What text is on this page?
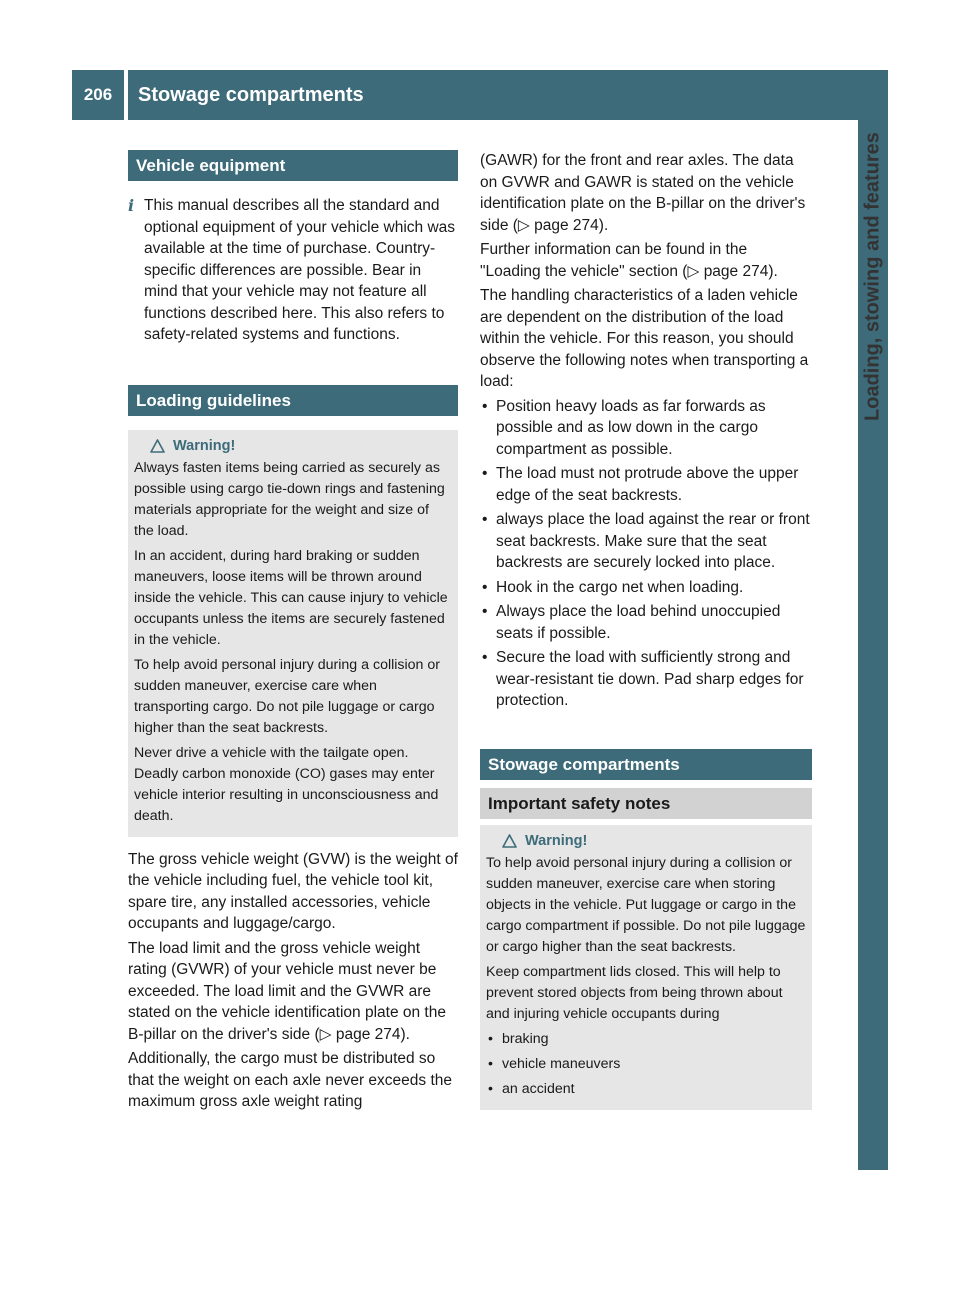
206	Stowage compartments
Loading, stowing and features
Vehicle equipment
i This manual describes all the standard and optional equipment of your vehicle which was available at the time of purchase. Country-specific differences are possible. Bear in mind that your vehicle may not feature all functions described here. This also refers to safety-related systems and functions.

Loading guidelines
Warning!

Always fasten items being carried as securely as possible using cargo tie-down rings and fastening materials appropriate for the weight and size of the load.

In an accident, during hard braking or sudden maneuvers, loose items will be thrown around inside the vehicle. This can cause injury to vehicle occupants unless the items are securely fastened in the vehicle.

To help avoid personal injury during a collision or sudden maneuver, exercise care when transporting cargo. Do not pile luggage or cargo higher than the seat backrests.

Never drive a vehicle with the tailgate open. Deadly carbon monoxide (CO) gases may enter vehicle interior resulting in unconsciousness and death.

The gross vehicle weight (GVW) is the weight of the vehicle including fuel, the vehicle tool kit, spare tire, any installed accessories, vehicle occupants and luggage/cargo.

The load limit and the gross vehicle weight rating (GVWR) of your vehicle must never be exceeded. The load limit and the GVWR are stated on the vehicle identification plate on the B-pillar on the driver's side (▷ page 274).

Additionally, the cargo must be distributed so that the weight on each axle never exceeds the maximum gross axle weight rating

(GAWR) for the front and rear axles. The data on GVWR and GAWR is stated on the vehicle identification plate on the B-pillar on the driver's side (▷ page 274).

Further information can be found in the "Loading the vehicle" section (▷ page 274).

The handling characteristics of a laden vehicle are dependent on the distribution of the load within the vehicle. For this reason, you should observe the following notes when transporting a load:

• Position heavy loads as far forwards as possible and as low down in the cargo compartment as possible.
• The load must not protrude above the upper edge of the seat backrests.
• always place the load against the rear or front seat backrests. Make sure that the seat backrests are securely locked into place.
• Hook in the cargo net when loading.
• Always place the load behind unoccupied seats if possible.
• Secure the load with sufficiently strong and wear-resistant tie down. Pad sharp edges for protection.
Stowage compartments
Important safety notes
Warning!

To help avoid personal injury during a collision or sudden maneuver, exercise care when storing objects in the vehicle. Put luggage or cargo in the cargo compartment if possible. Do not pile luggage or cargo higher than the seat backrests.

Keep compartment lids closed. This will help to prevent stored objects from being thrown about and injuring vehicle occupants during

• braking
• vehicle maneuvers
• an accident
